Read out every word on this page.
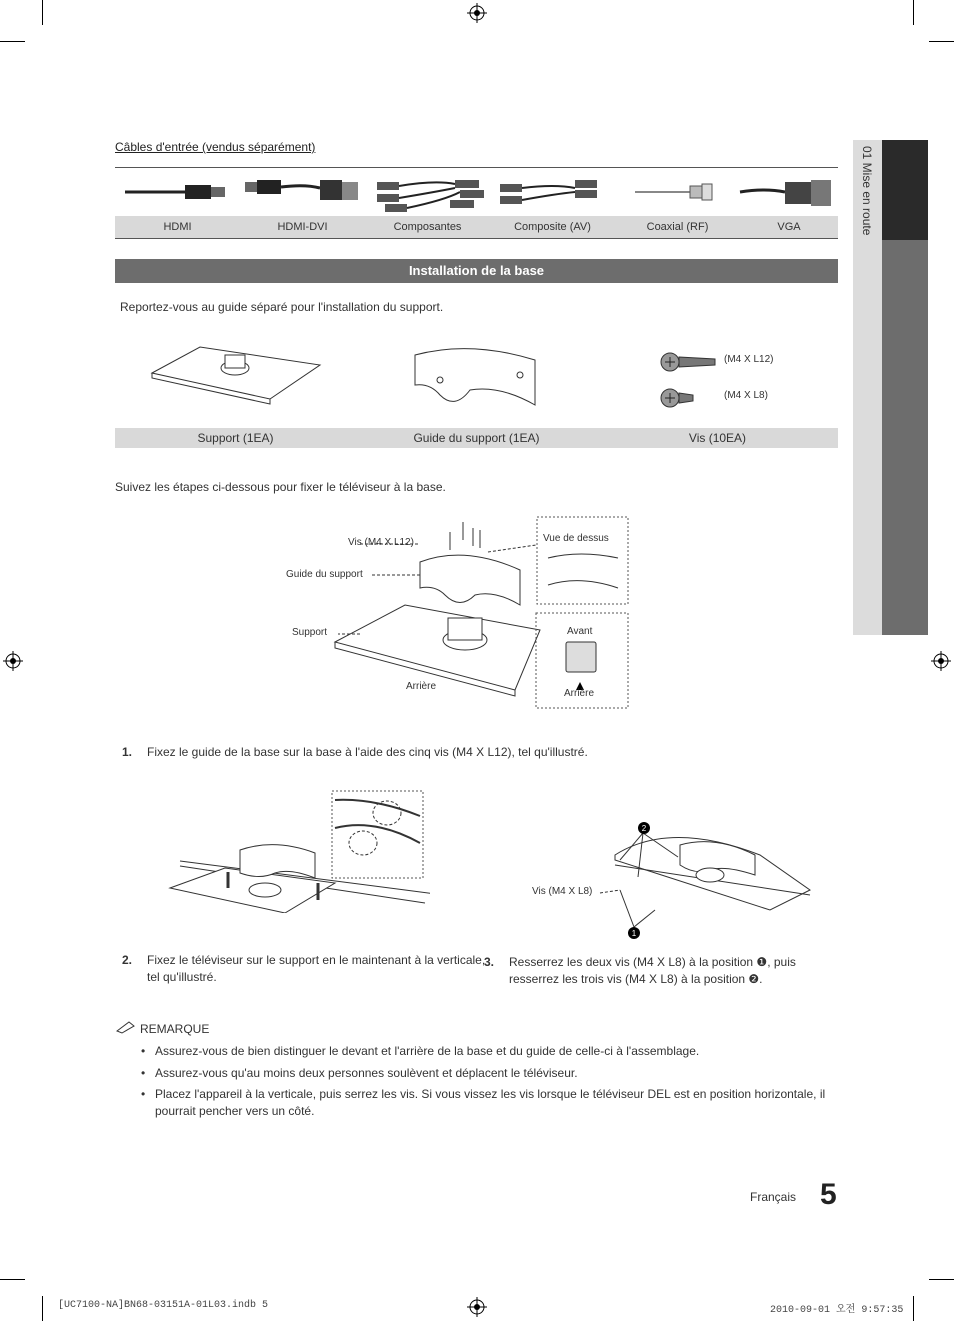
01 Mise en route
Câbles d'entrée (vendus séparément)
HDMI	HDMI-DVI	Composantes	Composite (AV)	Coaxial (RF)	VGA
Installation de la base
Reportez-vous au guide séparé pour l'installation du support.
(M4 X L12)
(M4 X L8)
Support (1EA)	Guide du support (1EA)	Vis (10EA)
Suivez les étapes ci-dessous pour fixer le téléviseur à la base.
Vis (M4 X L12)
Guide du support
Support
Arrière
Vue de dessus
Avant
Arrière
1. Fixez le guide de la base sur la base à l'aide des cinq vis (M4 X L12), tel qu'illustré.
2
1
Vis (M4 X L8)
2. Fixez le téléviseur sur le support en le maintenant à la verticale,
tel qu'illustré.
3. Resserrez les deux vis (M4 X L8) à la position ❶, puis
resserrez les trois vis (M4 X L8) à la position ❷.
REMARQUE
• Assurez-vous de bien distinguer le devant et l'arrière de la base et du guide de celle-ci à l'assemblage.
• Assurez-vous qu'au moins deux personnes soulèvent et déplacent le téléviseur.
• Placez l'appareil à la verticale, puis serrez les vis. Si vous vissez les vis lorsque le téléviseur DEL est en position horizontale, il
pourrait pencher vers un côté.
Français 5
[UC7100-NA]BN68-03151A-01L03.indb 5	2010-09-01 오전 9:57:35
